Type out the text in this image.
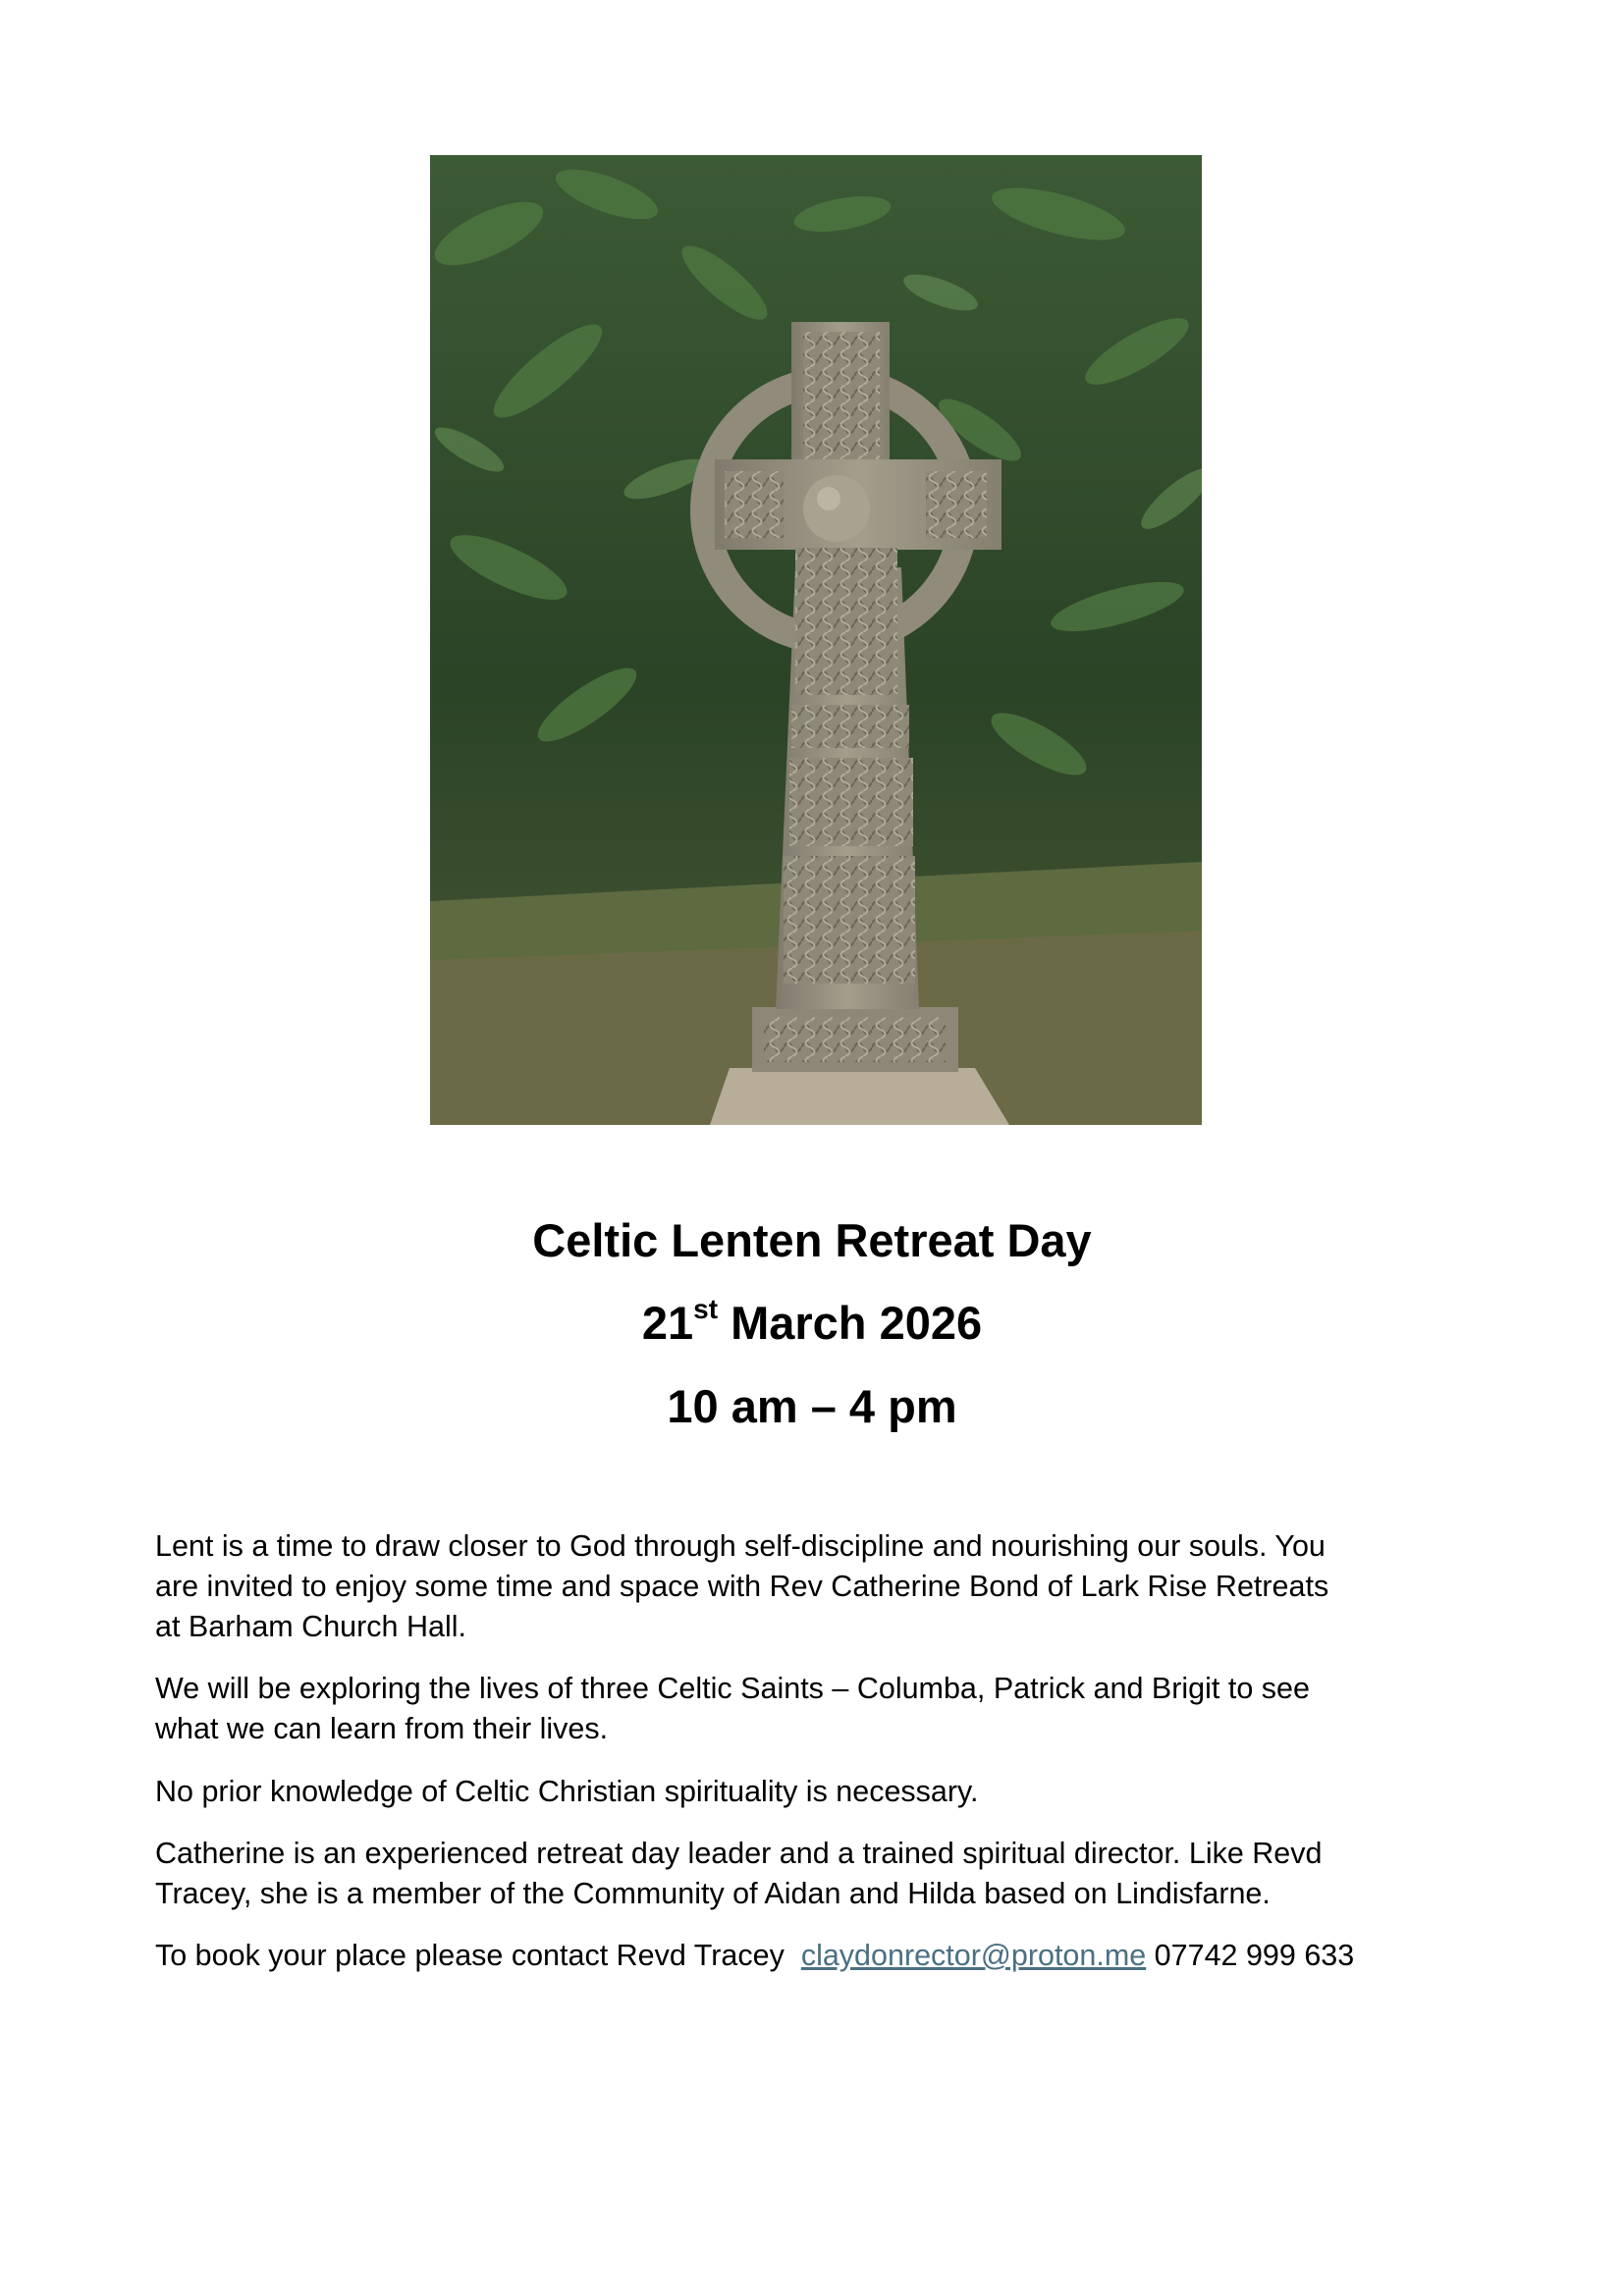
Celtic Lenten Retreat Day
21st March 2026
10 am – 4 pm

Lent is a time to draw closer to God through self-discipline and nourishing our souls. You
are invited to enjoy some time and space with Rev Catherine Bond of Lark Rise Retreats
at Barham Church Hall.

We will be exploring the lives of three Celtic Saints – Columba, Patrick and Brigit to see
what we can learn from their lives.

No prior knowledge of Celtic Christian spirituality is necessary.

Catherine is an experienced retreat day leader and a trained spiritual director. Like Revd
Tracey, she is a member of the Community of Aidan and Hilda based on Lindisfarne.

To book your place please contact Revd Tracey  claydonrector@proton.me 07742 999 633
